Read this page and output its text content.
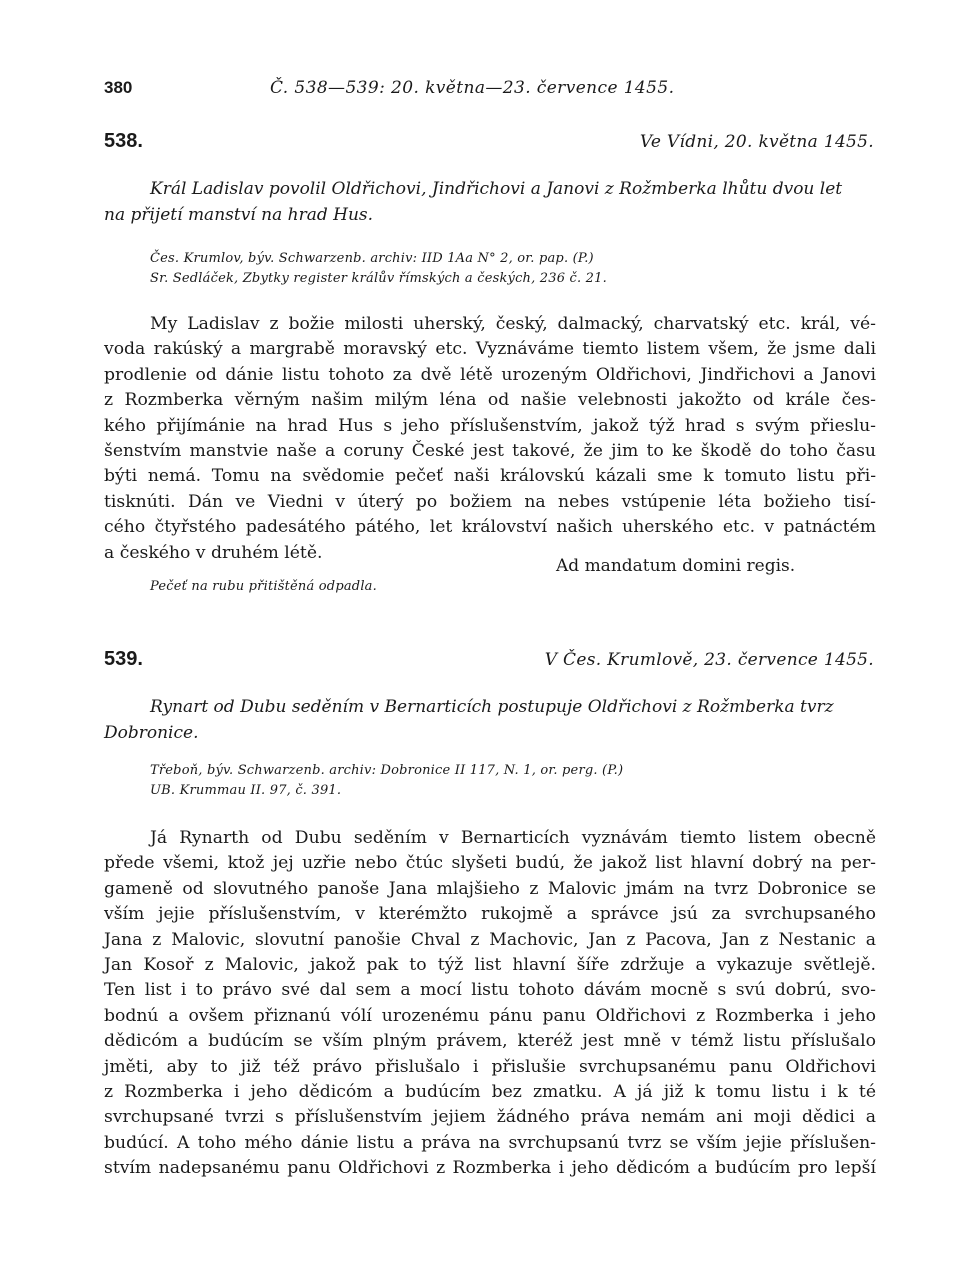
380	Č. 538—539: 20. května—23. července 1455.
538.	Ve Vídni, 20. května 1455.
Král Ladislav povolil Oldřichovi, Jindřichovi a Janovi z Rožmberka lhůtu dvou let
na přijetí manství na hrad Hus.
Čes. Krumlov, býv. Schwarzenb. archiv: IID 1Aa N° 2, or. pap. (P.)
Sr. Sedláček, Zbytky register králův římských a českých, 236 č. 21.
My Ladislav z božie milosti uherský, český, dalmacký, charvatský etc. král, vé-
voda rakúský a margrabě moravský etc. Vyznáváme tiemto listem všem, že jsme dali
prodlenie od dánie listu tohoto za dvě létě urozeným Oldřichovi, Jindřichovi a Janovi
z Rozmberka věrným našim milým léna od našie velebnosti jakožto od krále čes-
kého přijímánie na hrad Hus s jeho příslušenstvím, jakož týž hrad s svým přieslu-
šenstvím manstvie naše a coruny České jest takové, že jim to ke škodě do toho času
býti nemá. Tomu na svědomie pečeť naši královskú kázali sme k tomuto listu při-
tisknúti. Dán ve Viedni v úterý po božiem na nebes vstúpenie léta božieho tisí-
cého čtyřstého padesátého pátého, let království našich uherského etc. v patnáctém
a českého v druhém létě.
Ad mandatum domini regis.
Pečeť na rubu přitištěná odpadla.
539.	V Čes. Krumlově, 23. července 1455.
Rynart od Dubu seděním v Bernarticích postupuje Oldřichovi z Rožmberka tvrz
Dobronice.
Třeboň, býv. Schwarzenb. archiv: Dobronice II 117, N. 1, or. perg. (P.)
UB. Krummau II. 97, č. 391.
Já Rynarth od Dubu seděním v Bernarticích vyznávám tiemto listem obecně
přede všemi, ktož jej uzřie nebo čtúc slyšeti budú, že jakož list hlavní dobrý na per-
gameně od slovutného panoše Jana mlajšieho z Malovic jmám na tvrz Dobronice se
vším jejie příslušenstvím, v kterémžto rukojmě a správce jsú za svrchupsaného
Jana z Malovic, slovutní panošie Chval z Machovic, Jan z Pacova, Jan z Nestanic a
Jan Kosoř z Malovic, jakož pak to týž list hlavní šíře zdržuje a vykazuje světlejě.
Ten list i to právo své dal sem a mocí listu tohoto dávám mocně s svú dobrú, svo-
bodnú a ovšem přiznanú vólí urozenému pánu panu Oldřichovi z Rozmberka i jeho
dědicóm a budúcím se vším plným právem, kteréž jest mně v témž listu příslušalo
jměti, aby to již též právo přislušalo i přislušie svrchupsanému panu Oldřichovi
z Rozmberka i jeho dědicóm a budúcím bez zmatku. A já již k tomu listu i k té
svrchupsané tvrzi s příslušenstvím jejiem žádného práva nemám ani moji dědici a
budúcí. A toho mého dánie listu a práva na svrchupsanú tvrz se vším jejie příslušen-
stvím nadepsanému panu Oldřichovi z Rozmberka i jeho dědicóm a budúcím pro lepší
